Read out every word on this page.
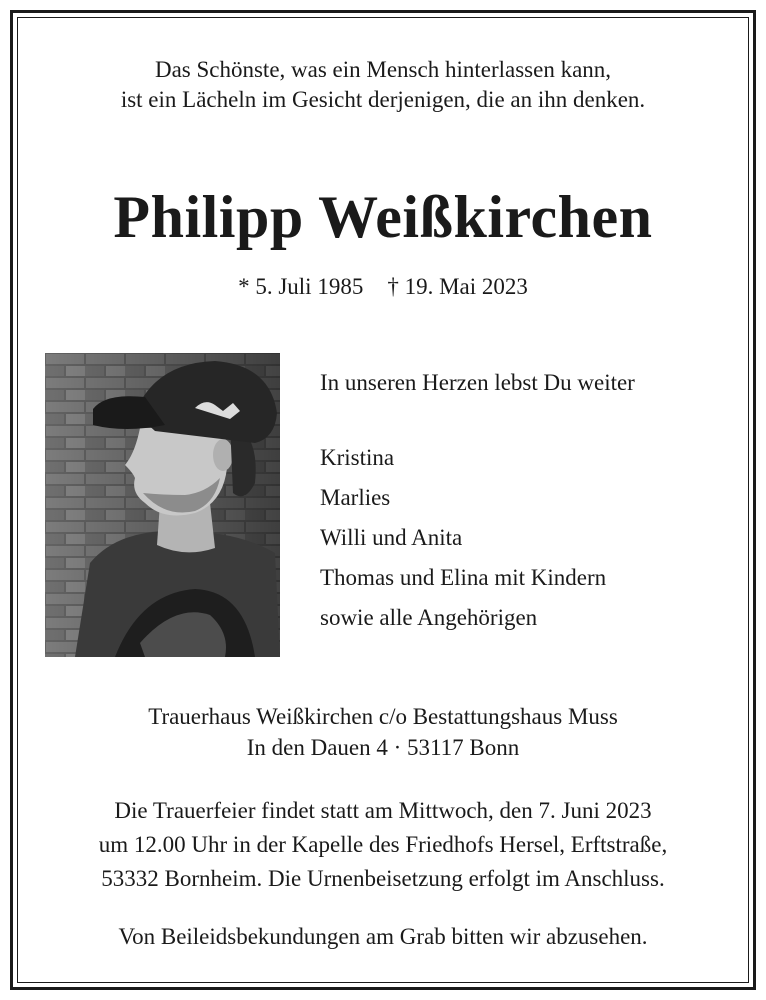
Das Schönste, was ein Mensch hinterlassen kann,
ist ein Lächeln im Gesicht derjenigen, die an ihn denken.
Philipp Weißkirchen
* 5. Juli 1985 † 19. Mai 2023
In unseren Herzen lebst Du weiter
Kristina
Marlies
Willi und Anita
Thomas und Elina mit Kindern
sowie alle Angehörigen
Trauerhaus Weißkirchen c/o Bestattungshaus Muss
In den Dauen 4 · 53117 Bonn
Die Trauerfeier findet statt am Mittwoch, den 7. Juni 2023
um 12.00 Uhr in der Kapelle des Friedhofs Hersel, Erftstraße,
53332 Bornheim. Die Urnenbeisetzung erfolgt im Anschluss.
Von Beileidsbekundungen am Grab bitten wir abzusehen.
